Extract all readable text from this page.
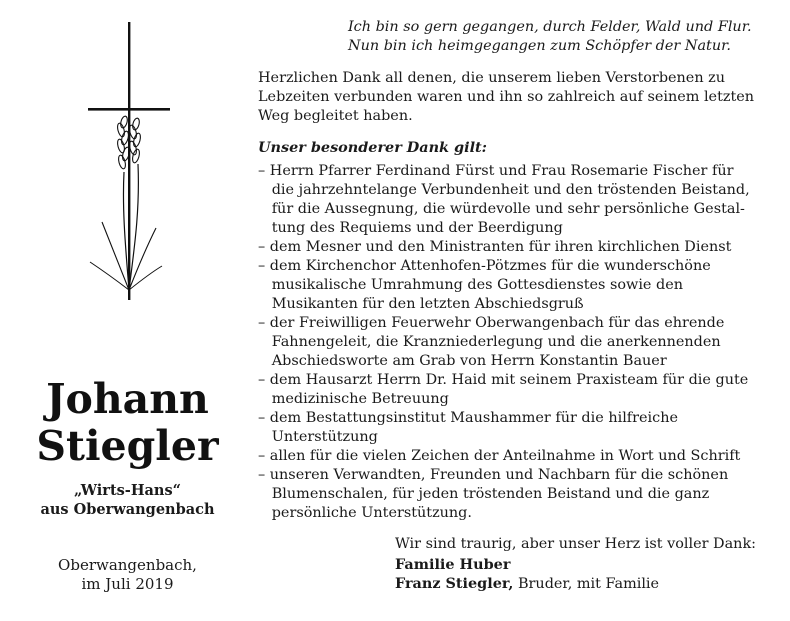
Johann
Stiegler
„Wirts-Hans“
aus Oberwangenbach
Oberwangenbach,
im Juli 2019
Ich bin so gern gegangen, durch Felder, Wald und Flur.
Nun bin ich heimgegangen zum Schöpfer der Natur.
Herzlichen Dank all denen, die unserem lieben Verstorbenen zu
Lebzeiten verbunden waren und ihn so zahlreich auf seinem letzten
Weg begleitet haben.
Unser besonderer Dank gilt:
– Herrn Pfarrer Ferdinand Fürst und Frau Rosemarie Fischer für
die jahrzehntelange Verbundenheit und den tröstenden Beistand,
für die Aussegnung, die würdevolle und sehr persönliche Gestal-
tung des Requiems und der Beerdigung
– dem Mesner und den Ministranten für ihren kirchlichen Dienst
– dem Kirchenchor Attenhofen-Pötzmes für die wunderschöne
musikalische Umrahmung des Gottesdienstes sowie den
Musikanten für den letzten Abschiedsgruß
– der Freiwilligen Feuerwehr Oberwangenbach für das ehrende
Fahnengeleit, die Kranzniederlegung und die anerkennenden
Abschiedsworte am Grab von Herrn Konstantin Bauer
– dem Hausarzt Herrn Dr. Haid mit seinem Praxisteam für die gute
medizinische Betreuung
– dem Bestattungsinstitut Maushammer für die hilfreiche
Unterstützung
– allen für die vielen Zeichen der Anteilnahme in Wort und Schrift
– unseren Verwandten, Freunden und Nachbarn für die schönen
Blumenschalen, für jeden tröstenden Beistand und die ganz
persönliche Unterstützung.
Wir sind traurig, aber unser Herz ist voller Dank:
Familie Huber
Franz Stiegler, Bruder, mit Familie
